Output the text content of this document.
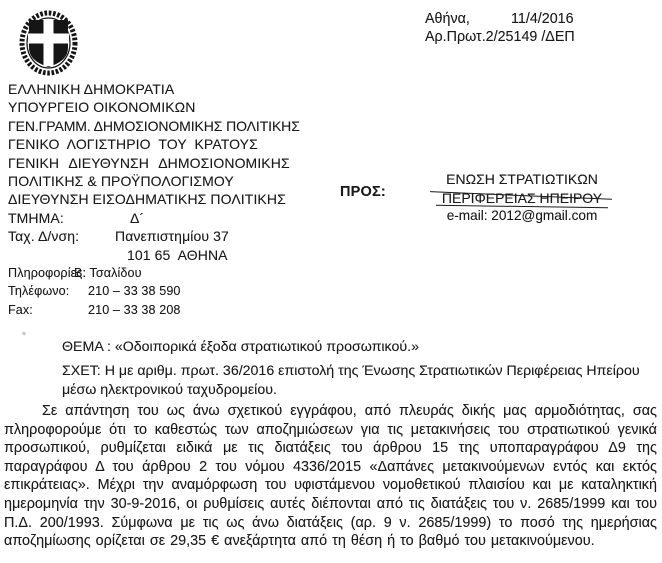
ΕΛΛΗΝΙΚΗ ΔΗΜΟΚΡΑΤΙΑ
ΥΠΟΥΡΓΕΙΟ ΟΙΚΟΝΟΜΙΚΩΝ
ΓΕΝ.ΓΡΑΜΜ. ΔΗΜΟΣΙΟΝΟΜΙΚΗΣ ΠΟΛΙΤΙΚΗΣ
ΓΕΝΙΚΟ ΛΟΓΙΣΤΗΡΙΟ ΤΟΥ ΚΡΑΤΟΥΣ
ΓΕΝΙΚΗ ΔΙΕΥΘΥΝΣΗ ΔΗΜΟΣΙΟΝΟΜΙΚΗΣ
ΠΟΛΙΤΙΚΗΣ & ΠΡΟΫΠΟΛΟΓΙΣΜΟΥ
ΔΙΕΥΘΥΝΣΗ ΕΙΣΟΔΗΜΑΤΙΚΗΣ ΠΟΛΙΤΙΚΗΣ
ΤΜΗΜΑ:	Δ´
Ταχ. Δ/νση:	Πανεπιστημίου 37
101 65  ΑΘΗΝΑ
Πληροφορίες:
Β. Τσαλίδου
Τηλέφωνο:	210 – 33 38 590
Fax:	210 – 33 38 208
Αθήνα,	11/4/2016
Αρ.Πρωτ.2/25149 /ΔΕΠ
ΠΡΟΣ:
ΕΝΩΣΗ ΣΤΡΑΤΙΩΤΙΚΩΝ
ΠΕΡΙΦΕΡΕΙΑΣ ΗΠΕΙΡΟΥ
e-mail: 2012@gmail.com
ΘΕΜΑ : «Οδοιπορικά έξοδα στρατιωτικού προσωπικού.»
ΣΧΕΤ: Η με αριθμ. πρωτ. 36/2016 επιστολή της Ένωσης Στρατιωτικών Περιφέρειας Ηπείρου μέσω ηλεκτρονικού ταχυδρομείου.
Σε απάντηση του ως άνω σχετικού εγγράφου, από πλευράς δικής μας αρμοδιότητας, σας πληροφορούμε ότι το καθεστώς των αποζημιώσεων για τις μετακινήσεις του στρατιωτικού γενικά προσωπικού, ρυθμίζεται ειδικά με τις διατάξεις του άρθρου 15 της υποπαραγράφου Δ9 της παραγράφου Δ του άρθρου 2 του νόμου 4336/2015 «Δαπάνες μετακινούμενων εντός και εκτός επικράτειας». Μέχρι την αναμόρφωση του υφιστάμενου νομοθετικού πλαισίου και με καταληκτική ημερομηνία την 30-9-2016, οι ρυθμίσεις αυτές διέπονται από τις διατάξεις του ν. 2685/1999 και του Π.Δ. 200/1993. Σύμφωνα με τις ως άνω διατάξεις (αρ. 9 ν. 2685/1999) το ποσό της ημερήσιας αποζημίωσης ορίζεται σε 29,35 € ανεξάρτητα από τη θέση ή το βαθμό του μετακινούμενου.
